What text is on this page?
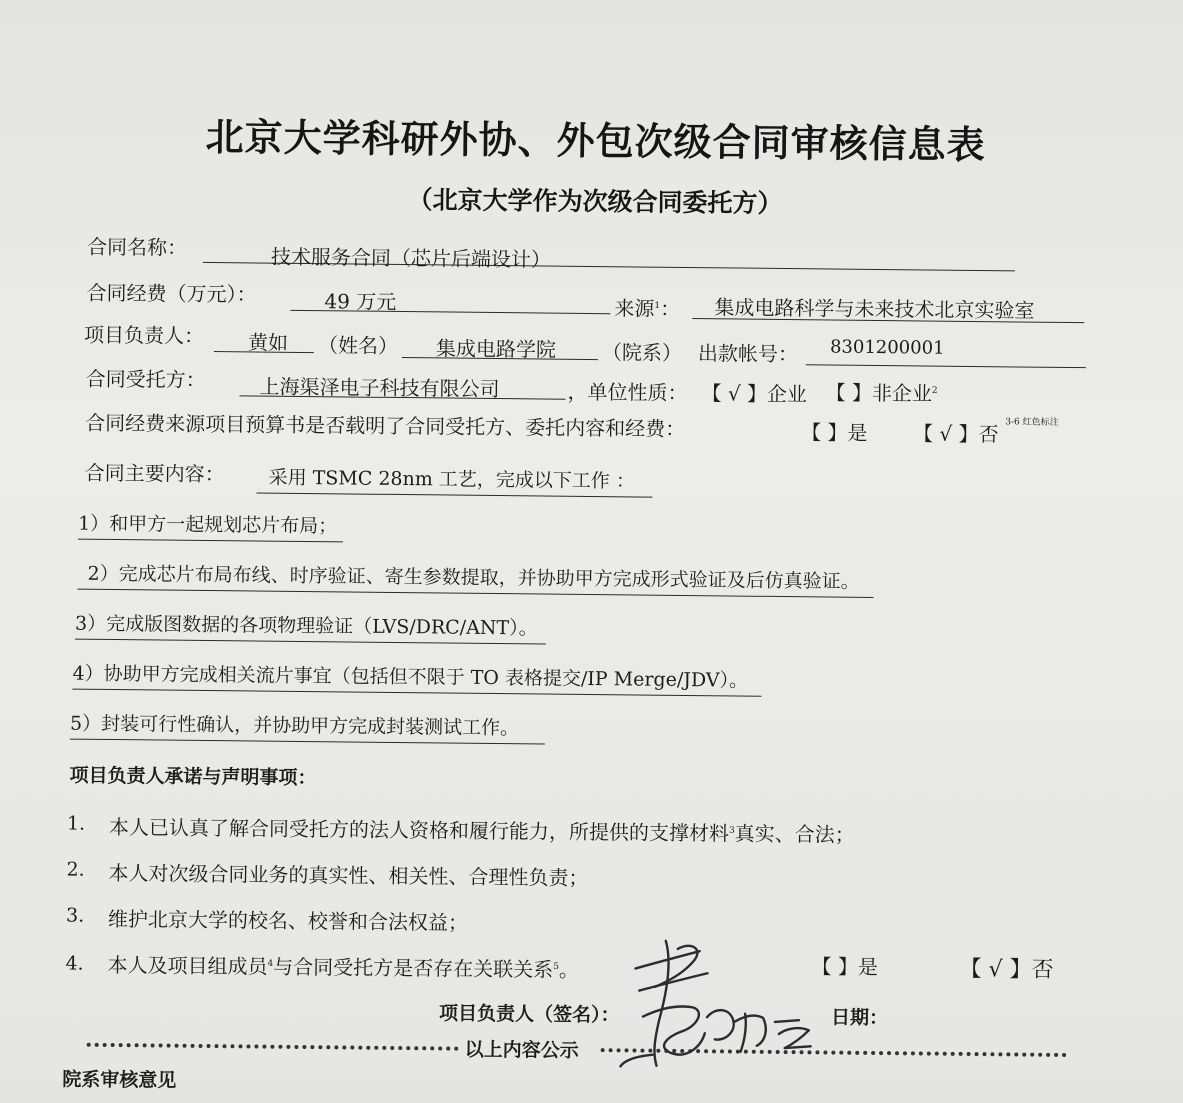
北京大学科研外协、外包次级合同审核信息表
（北京大学作为次级合同委托方）
合同名称：	技术服务合同（芯片后端设计）
合同经费（万元）：	49 万元	来源$^1$： 集成电路科学与未来技术北京实验室
项目负责人： 黄如 （姓名） 集成电路学院 （院系） 出款帐号： 8301200001
合同受托方：	上海渠泽电子科技有限公司	，单位性质： 【 √ 】企业 【 】非企业$^2$
合同经费来源项目预算书是否载明了合同受托方、委托内容和经费：	【 】是 【 √ 】否 3-6 红色标注
合同主要内容：	采用 TSMC 28nm 工艺，完成以下工作 ：
1）和甲方一起规划芯片布局；
2）完成芯片布局布线、时序验证、寄生参数提取，并协助甲方完成形式验证及后仿真验证。
3）完成版图数据的各项物理验证（LVS/DRC/ANT）。
4）协助甲方完成相关流片事宜（包括但不限于 TO 表格提交/IP Merge/JDV）。
5）封装可行性确认，并协助甲方完成封装测试工作。
项目负责人承诺与声明事项：
1. 本人已认真了解合同受托方的法人资格和履行能力，所提供的支撑材料$^3$真实、合法；
2. 本人对次级合同业务的真实性、相关性、合理性负责；
3. 维护北京大学的校名、校誉和合法权益；
4. 本人及项目组成员$^4$与合同受托方是否存在关联关系$^5$。	【 】是	【 √ 】否
项目负责人（签名）：	日期：
以上内容公示
院系审核意见
